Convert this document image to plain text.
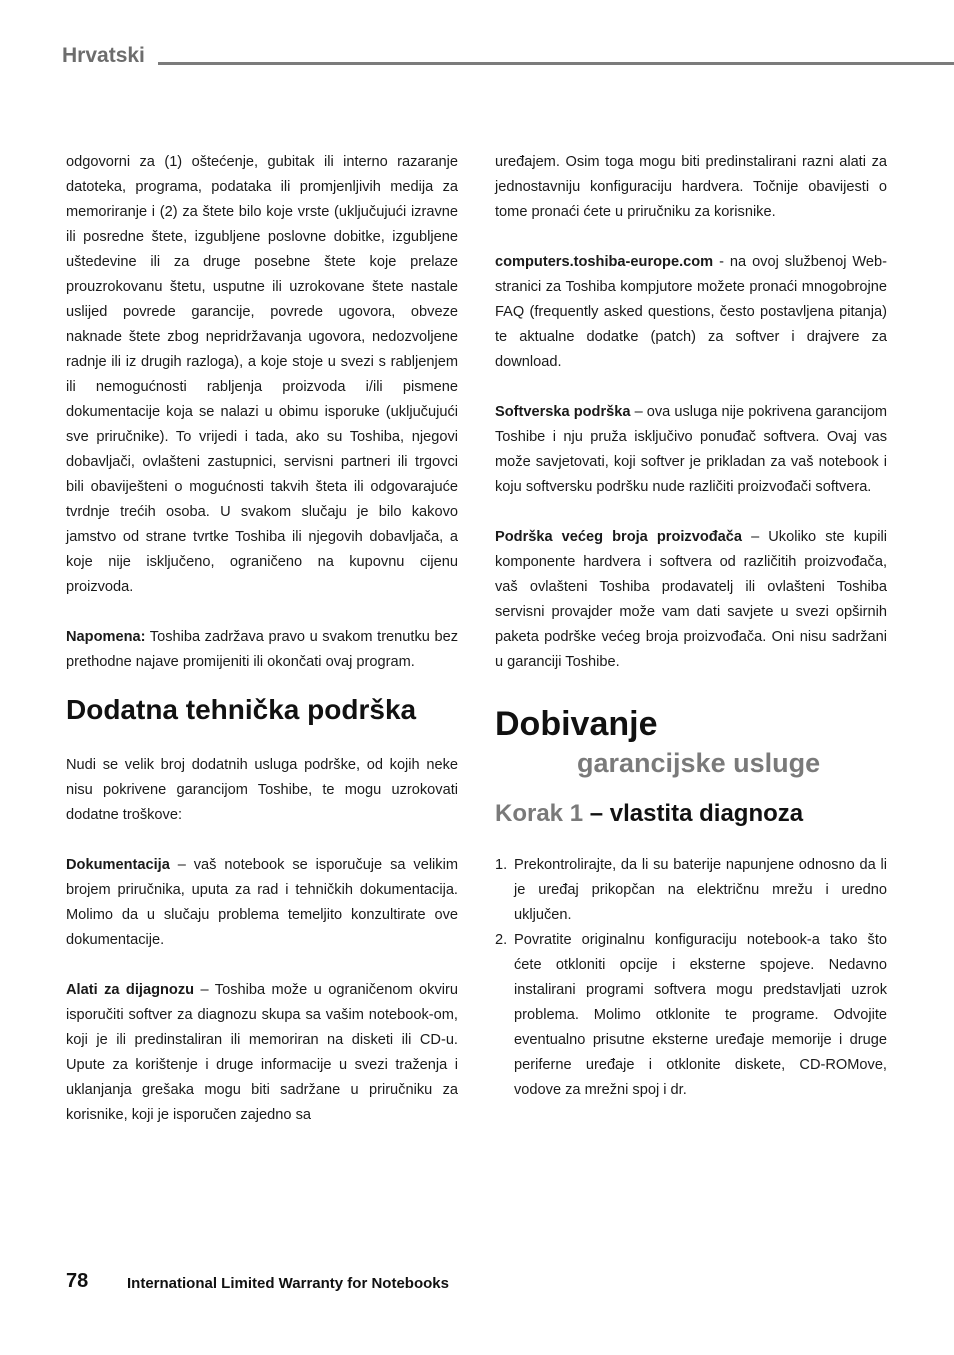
Hrvatski

odgovorni za (1) oštećenje, gubitak ili interno razaranje datoteka, programa, podataka ili promjenljivih medija za memoriranje i (2) za štete bilo koje vrste (uključujući izravne ili posredne štete, izgubljene poslovne dobitke, izgubljene uštedevine ili za druge posebne štete koje prelaze prouzrokovanu štetu, usputne ili uzrokovane štete nastale uslijed povrede garancije, povrede ugovora, obveze naknade štete zbog nepridržavanja ugovora, nedozvoljene radnje ili iz drugih razloga), a koje stoje u svezi s rabljenjem ili nemogućnosti rabljenja proizvoda i/ili pismene dokumentacije koja se nalazi u obimu isporuke (uključujući sve priručnike). To vrijedi i tada, ako su Toshiba, njegovi dobavljači, ovlašteni zastupnici, servisni partneri ili trgovci bili obaviješteni o mogućnosti takvih šteta ili odgovarajuće tvrdnje trećih osoba. U svakom slučaju je bilo kakovo jamstvo od strane tvrtke Toshiba ili njegovih dobavljača, a koje nije isključeno, ograničeno na kupovnu cijenu proizvoda.

Napomena: Toshiba zadržava pravo u svakom trenutku bez prethodne najave promijeniti ili okončati ovaj program.

Dodatna tehnička podrška

Nudi se velik broj dodatnih usluga podrške, od kojih neke nisu pokrivene garancijom Toshibe, te mogu uzrokovati dodatne troškove:

Dokumentacija – vaš notebook se isporučuje sa velikim brojem priručnika, uputa za rad i tehničkih dokumentacija. Molimo da u slučaju problema temeljito konzultirate ove dokumentacije.

Alati za dijagnozu – Toshiba može u ograničenom okviru isporučiti softver za diagnozu skupa sa vašim notebook-om, koji je ili predinstaliran ili memoriran na disketi ili CD-u. Upute za korištenje i druge informacije u svezi traženja i uklanjanja grešaka mogu biti sadržane u priručniku za korisnike, koji je isporučen zajedno sa

uređajem. Osim toga mogu biti predinstalirani razni alati za jednostavniju konfiguraciju hardvera. Točnije obavijesti o tome pronaći ćete u priručniku za korisnike.

computers.toshiba-europe.com - na ovoj službenoj Web-stranici za Toshiba kompjutore možete pronaći mnogobrojne FAQ (frequently asked questions, često postavljena pitanja) te aktualne dodatke (patch) za softver i drajvere za download.

Softverska podrška – ova usluga nije pokrivena garancijom Toshibe i nju pruža isključivo ponuđač softvera. Ovaj vas može savjetovati, koji softver je prikladan za vaš notebook i koju softversku podršku nude različiti proizvođači softvera.

Podrška većeg broja proizvođača – Ukoliko ste kupili komponente hardvera i softvera od različitih proizvođača, vaš ovlašteni Toshiba prodavatelj ili ovlašteni Toshiba servisni provajder može vam dati savjete u svezi opširnih paketa podrške većeg broja proizvođača. Oni nisu sadržani u garanciji Toshibe.

Dobivanje
garancijske usluge
Korak 1 – vlastita diagnoza
1. Prekontrolirajte, da li su baterije napunjene odnosno da li je uređaj prikopčan na električnu mrežu i uredno uključen.
2. Povratite originalnu konfiguraciju notebook-a tako što ćete otkloniti opcije i eksterne spojeve. Nedavno instalirani programi softvera mogu predstavljati uzrok problema. Molimo otklonite te programe. Odvojite eventualno prisutne eksterne uređaje memorije i druge periferne uređaje i otklonite diskete, CD-ROMove, vodove za mrežni spoj i dr.
78	International Limited Warranty for Notebooks
